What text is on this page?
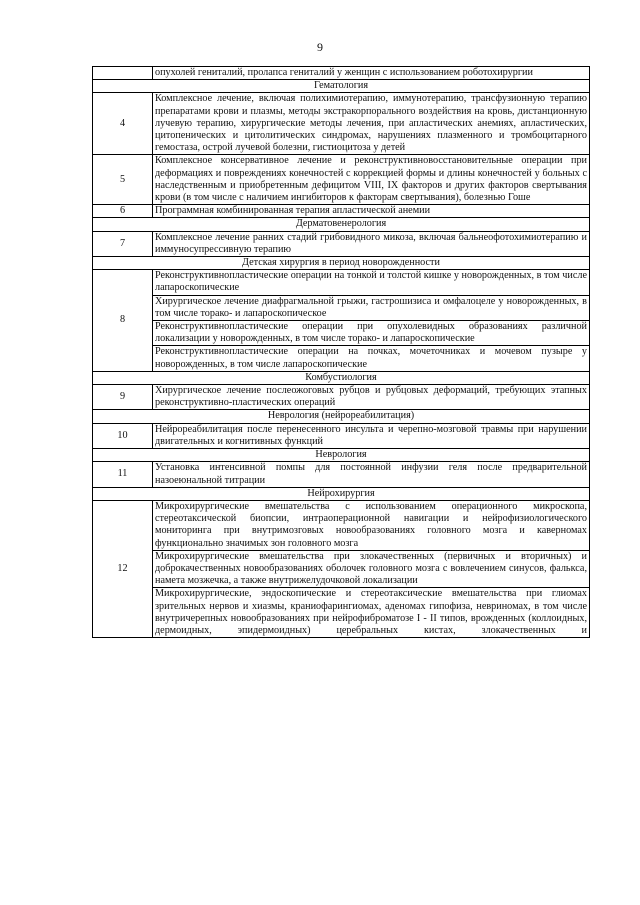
9
	опухолей гениталий, пролапса гениталий у женщин с использованием роботохирургии
Гематология	
4	Комплексное лечение, включая полихимиотерапию, иммунотерапию, трансфузионную терапию препаратами крови и плазмы, методы экстракорпорального воздействия на кровь, дистанционную лучевую терапию, хирургические методы лечения, при апластических анемиях, апластических, цитопенических и цитолитических синдромах, нарушениях плазменного и тромбоцитарного гемостаза, острой лучевой болезни, гистиоцитоза у детей
5	Комплексное консервативное лечение и реконструктивновосстановительные операции при деформациях и повреждениях конечностей с коррекцией формы и длины конечностей у больных с наследственным и приобретенным дефицитом VIII, IX факторов и других факторов свертывания крови (в том числе с наличием ингибиторов к факторам свертывания), болезнью Гоше
6	Программная комбинированная терапия апластической анемии
Дерматовенерология	
7	Комплексное лечение ранних стадий грибовидного микоза, включая бальнеофотохимиотерапию и иммуносупрессивную терапию
Детская хирургия в период новорожденности	
8	Реконструктивнопластические операции на тонкой и толстой кишке у новорожденных, в том числе лапароскопические
	Хирургическое лечение диафрагмальной грыжи, гастрошизиса и омфалоцеле у новорожденных, в том числе торако- и лапароскопическое
	Реконструктивнопластические операции при опухолевидных образованиях различной локализации у новорожденных, в том числе торако- и лапароскопические
	Реконструктивнопластические операции на почках, мочеточниках и мочевом пузыре у новорожденных, в том числе лапароскопические
Комбустиология	
9	Хирургическое лечение послеожоговых рубцов и рубцовых деформаций, требующих этапных реконструктивно-пластических операций
Неврология (нейрореабилитация)	
10	Нейрореабилитация после перенесенного инсульта и черепно-мозговой травмы при нарушении двигательных и когнитивных функций
Неврология	
11	Установка интенсивной помпы для постоянной инфузии геля после предварительной назоеюнальной титрации
Нейрохирургия	
12	Микрохирургические вмешательства с использованием операционного микроскопа, стереотаксической биопсии, интраоперационной навигации и нейрофизиологического мониторинга при внутримозговых новообразованиях головного мозга и каверномах функционально значимых зон головного мозга
	Микрохирургические вмешательства при злокачественных (первичных и вторичных) и доброкачественных новообразованиях оболочек головного мозга с вовлечением синусов, фалькса, намета мозжечка, а также внутрижелудочковой локализации
	Микрохирургические, эндоскопические и стереотаксические вмешательства при глиомах зрительных нервов и хиазмы, краниофарингиомах, аденомах гипофиза, невриномах, в том числе внутричерепных новообразованиях при нейрофиброматозе I - II типов, врожденных (коллоидных, дермоидных, эпидермоидных) церебральных кистах, злокачественных и
